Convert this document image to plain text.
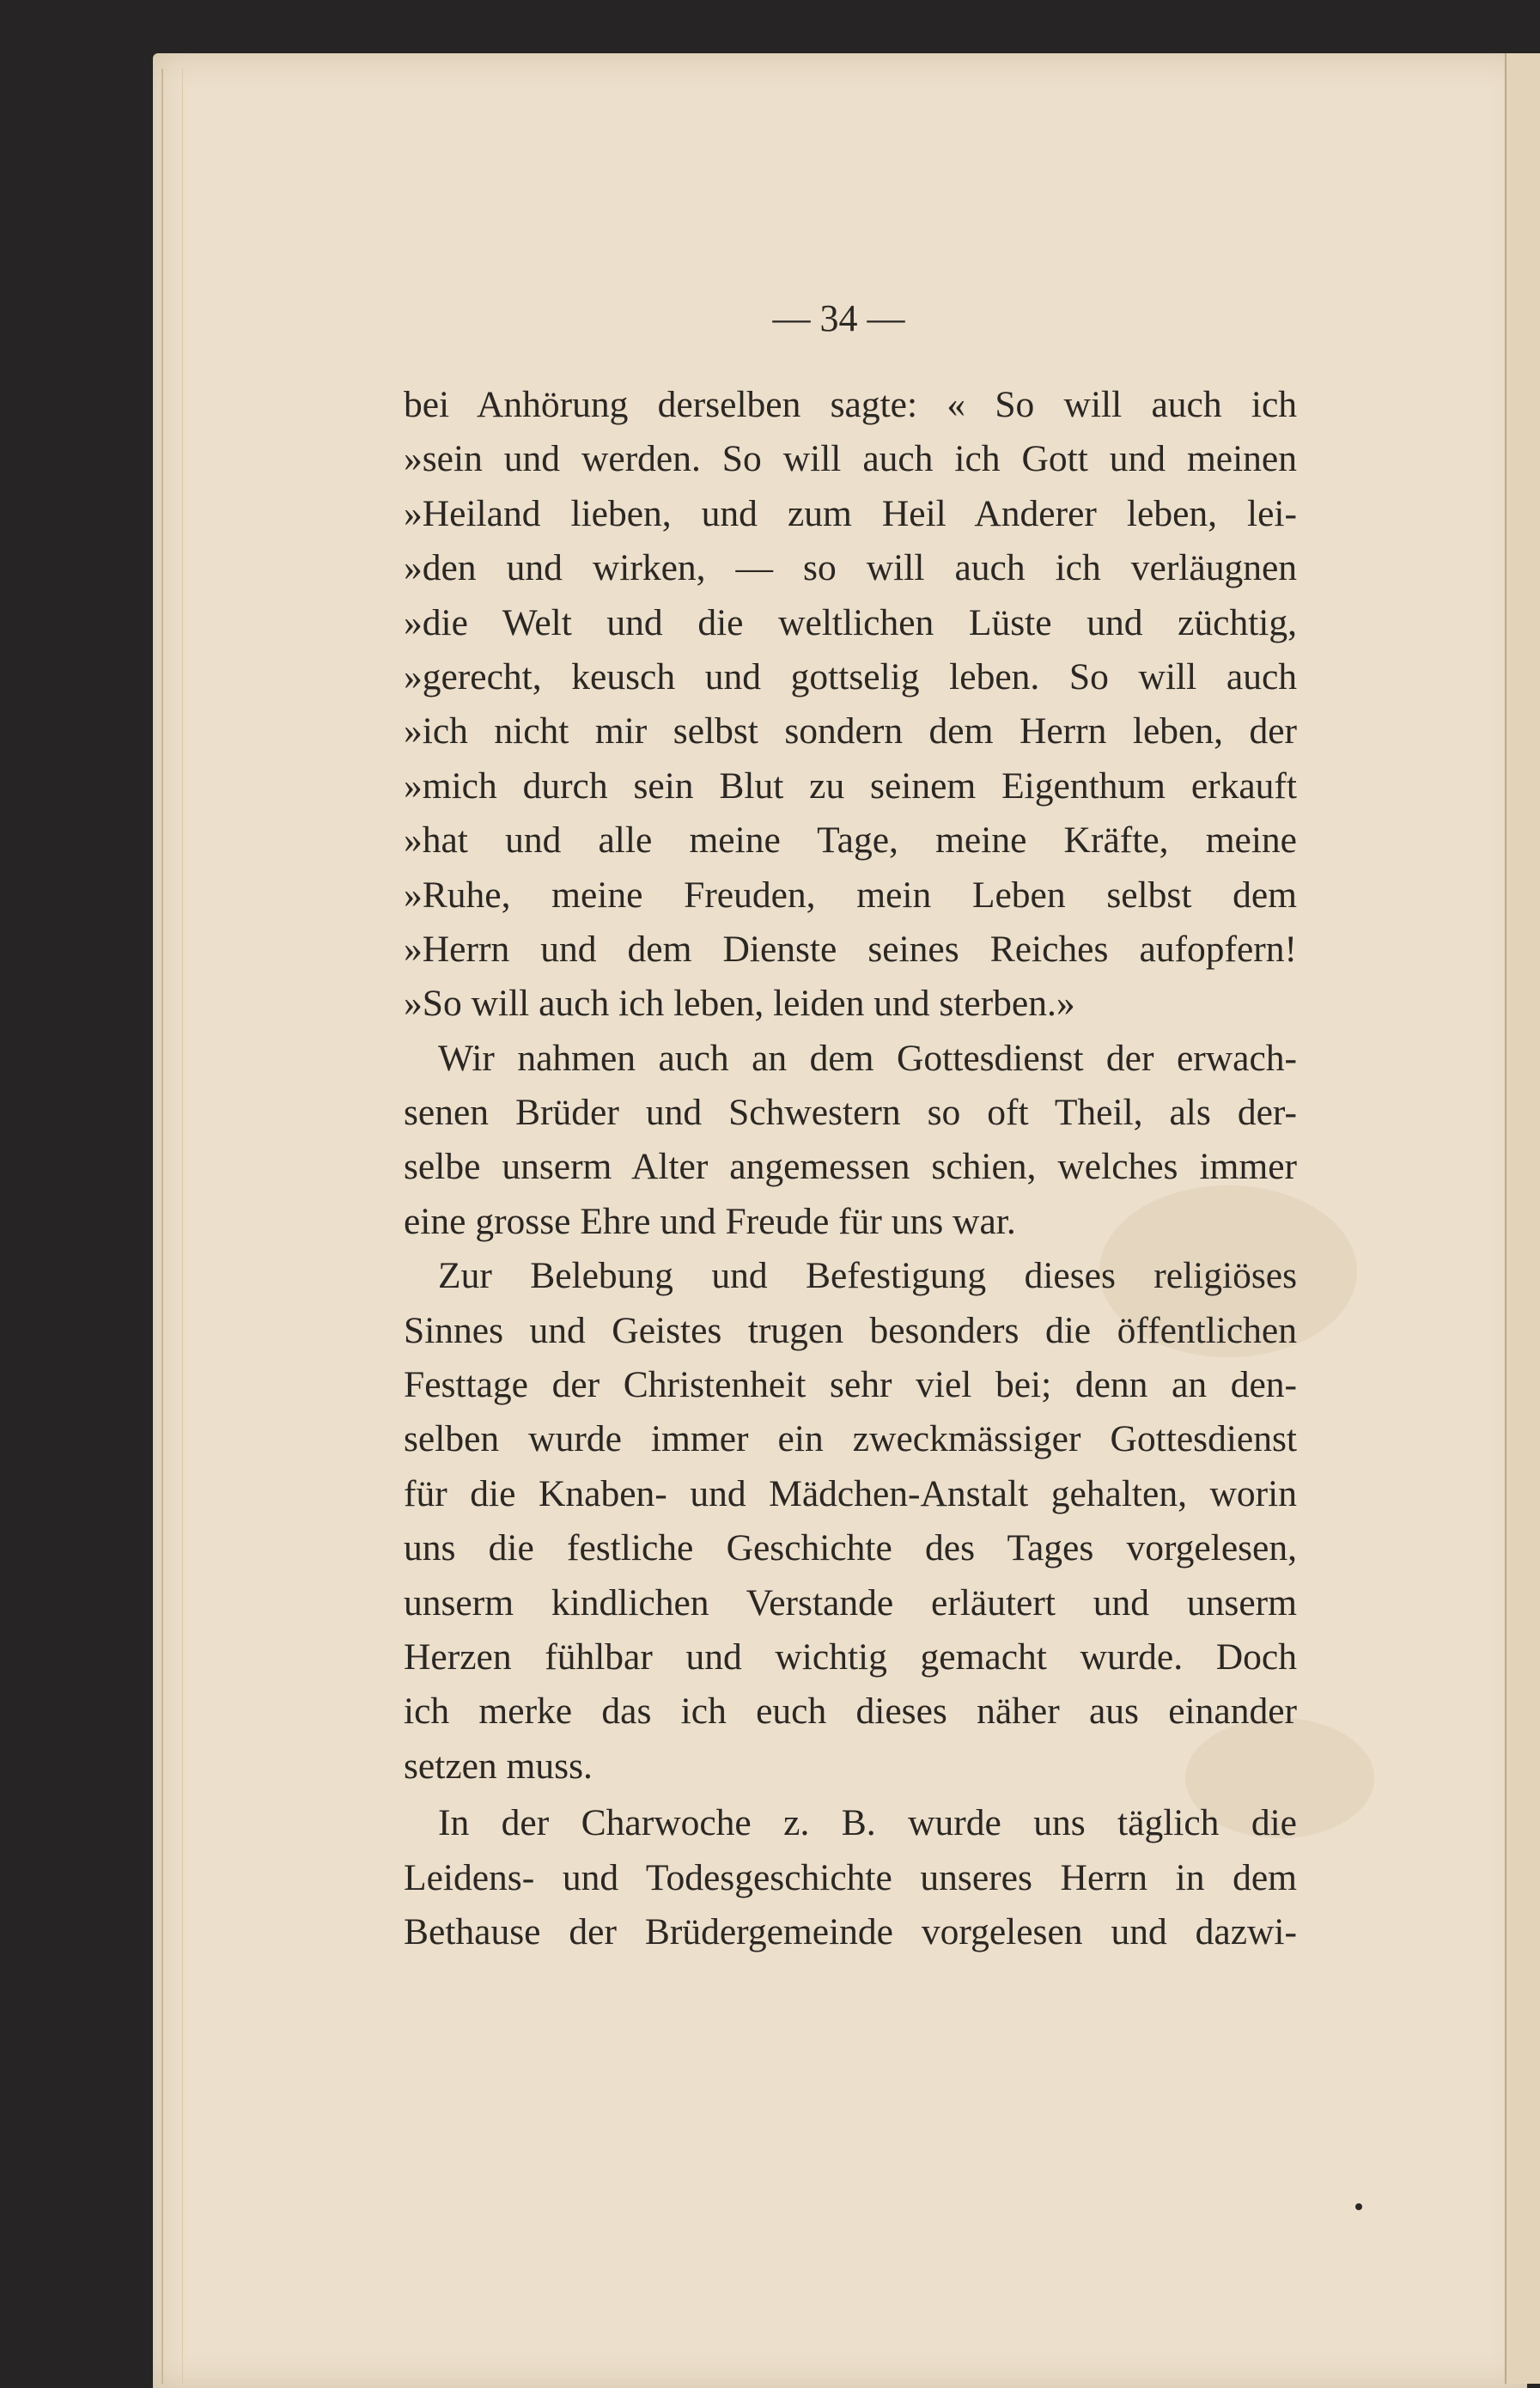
— 34 —
bei Anhörung derselben sagte: « So will auch ich
»sein und werden. So will auch ich Gott und meinen
»Heiland lieben, und zum Heil Anderer leben, lei-
»den und wirken, — so will auch ich verläugnen
»die Welt und die weltlichen Lüste und züchtig,
»gerecht, keusch und gottselig leben. So will auch
»ich nicht mir selbst sondern dem Herrn leben, der
»mich durch sein Blut zu seinem Eigenthum erkauft
»hat und alle meine Tage, meine Kräfte, meine
»Ruhe, meine Freuden, mein Leben selbst dem
»Herrn und dem Dienste seines Reiches aufopfern!
»So will auch ich leben, leiden und sterben.»
Wir nahmen auch an dem Gottesdienst der erwach-
senen Brüder und Schwestern so oft Theil, als der-
selbe unserm Alter angemessen schien, welches immer
eine grosse Ehre und Freude für uns war.
Zur Belebung und Befestigung dieses religiöses
Sinnes und Geistes trugen besonders die öffentlichen
Festtage der Christenheit sehr viel bei; denn an den-
selben wurde immer ein zweckmässiger Gottesdienst
für die Knaben- und Mädchen-Anstalt gehalten, worin
uns die festliche Geschichte des Tages vorgelesen,
unserm kindlichen Verstande erläutert und unserm
Herzen fühlbar und wichtig gemacht wurde. Doch
ich merke das ich euch dieses näher aus einander
setzen muss.
In der Charwoche z. B. wurde uns täglich die
Leidens- und Todesgeschichte unseres Herrn in dem
Bethause der Brüdergemeinde vorgelesen und dazwi-
